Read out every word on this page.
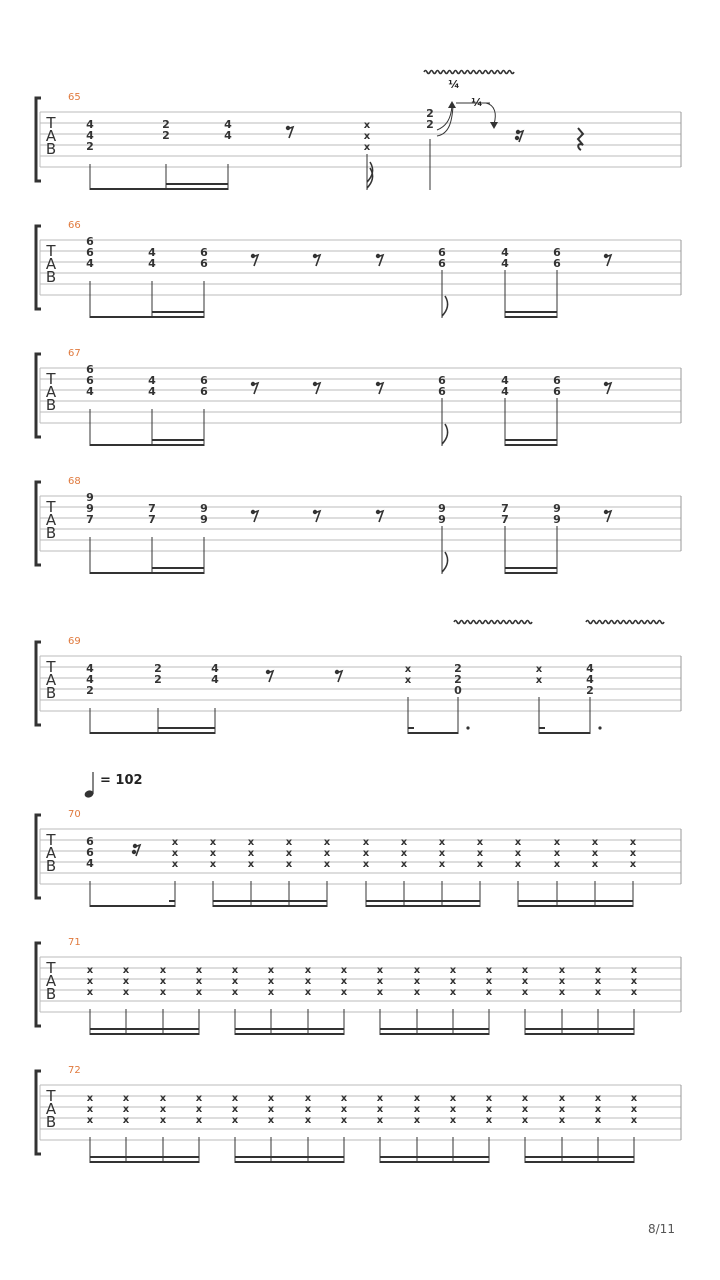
T
A
B
65
T
A
B
66
T
A
B
67
T
A
B
68
T
A
B
69
T
A
B
70
T
A
B
71
T
A
B
72
4
4
2
2
2
4
4
x
x
x
2
2
¼
¼
6
6
4
4
4
6
6
6
6
4
4
6
6
6
6
4
4
4
6
6
6
6
4
4
6
6
9
9
7
7
7
9
9
9
9
7
7
9
9
4
4
2
2
2
4
4
x
x
2
2
0
x
x
4
4
2
= 102
6
6
4
x
x
x
x
x
x
x
x
x
x
x
x
x
x
x
x
x
x
x
x
x
x
x
x
x
x
x
x
x
x
x
x
x
x
x
x
x
x
x
x
x
x
x
x
x
x
x
x
x
x
x
x
x
x
x
x
x
x
x
x
x
x
x
x
x
x
x
x
x
x
x
x
x
x
x
x
x
x
x
x
x
x
x
x
x
x
x
x
x
x
x
x
x
x
x
x
x
x
x
x
x
x
x
x
x
x
x
x
x
x
x
x
x
x
x
x
x
x
x
x
x
x
x
x
x
x
x
x
x
x
x
x
x
x
x
8/11
